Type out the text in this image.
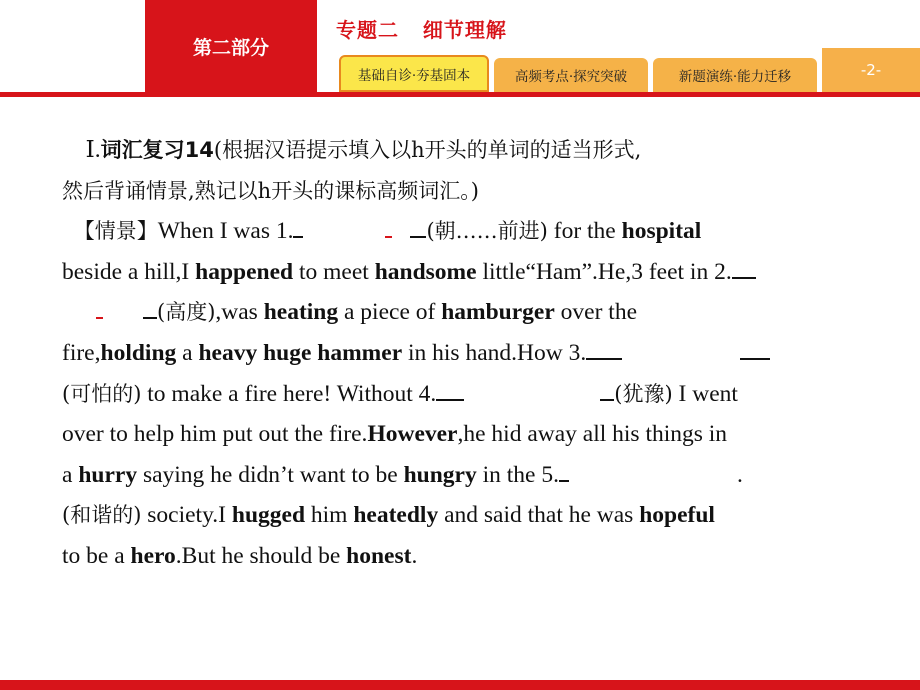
第二部分
专题二   细节理解
基础自诊·夯基固本	高频考点·探究突破	新题演练·能力迁移	-2-
Ⅰ.词汇复习14(根据汉语提示填入以h开头的单词的适当形式,
然后背诵情景,熟记以h开头的课标高频词汇。)
【情景】When I was 1.	(朝……前进) for the hospital
beside a hill,I happened to meet handsome little“Ham”.He,3 feet in 2.
(高度),was heating a piece of hamburger over the
fire,holding a heavy huge hammer in his hand.How 3.
(可怕的) to make a fire here! Without 4.	(犹豫) I went
over to help him put out the fire.However,he hid away all his things in
a hurry saying he didn’t want to be hungry in the 5.	.
(和谐的) society.I hugged him heatedly and said that he was hopeful
to be a hero.But he should be honest.
